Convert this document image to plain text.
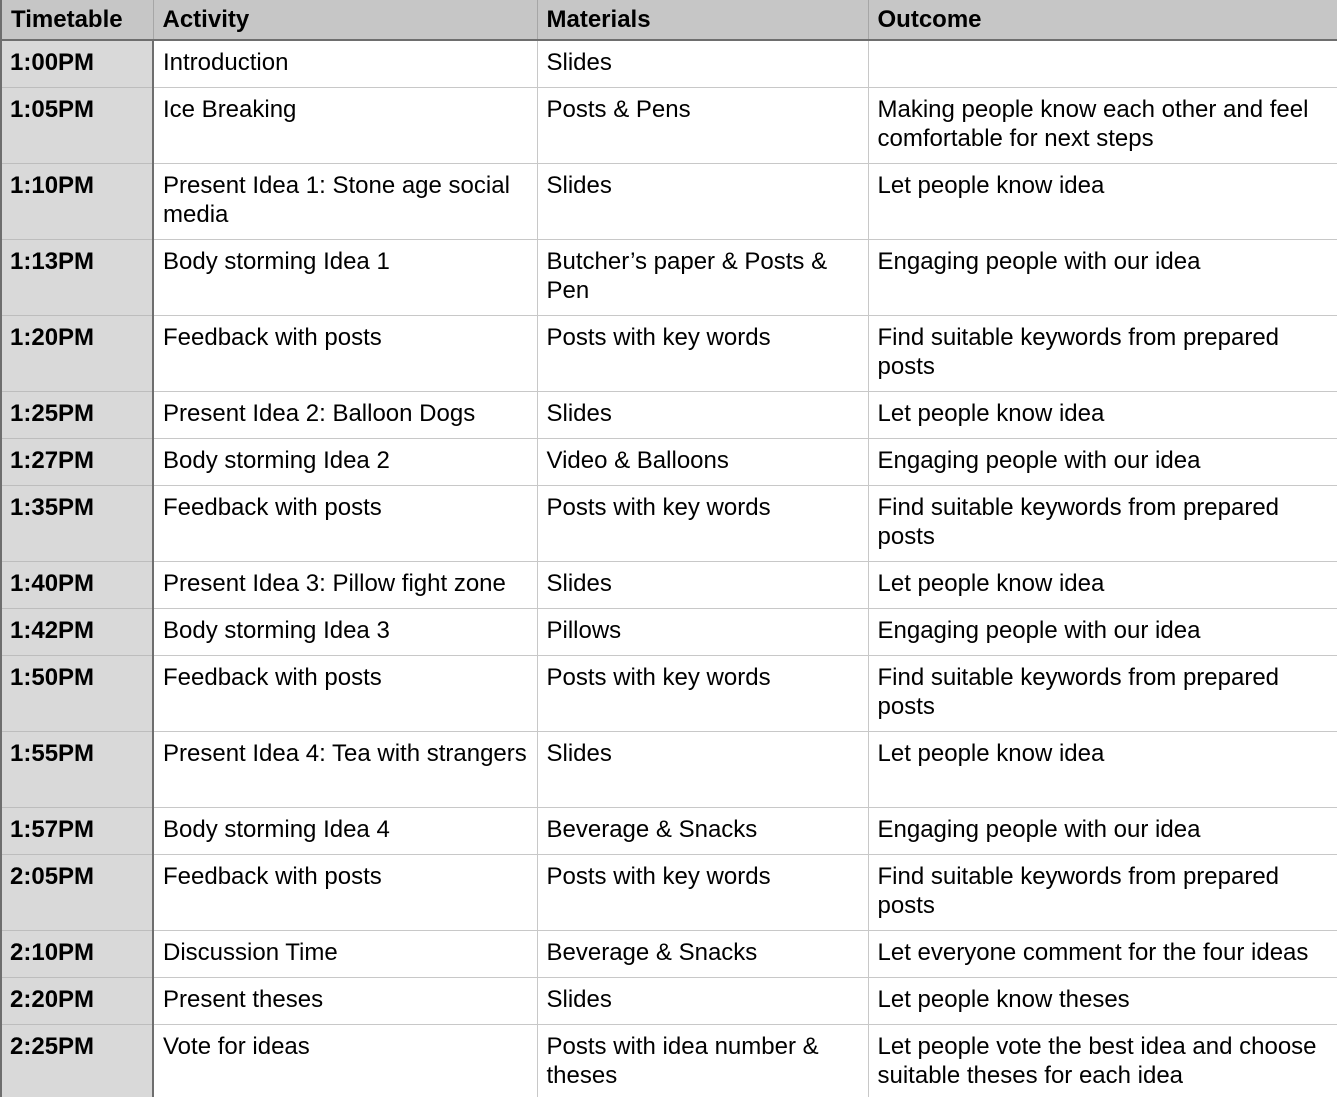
Timetable	Activity	Materials	Outcome
1:00PM	Introduction	Slides	
1:05PM	Ice Breaking	Posts & Pens	Making people know each other and feel comfortable for next steps
1:10PM	Present Idea 1: Stone age social media	Slides	Let people know idea
1:13PM	Body storming Idea 1	Butcher’s paper & Posts & Pen	Engaging people with our idea
1:20PM	Feedback with posts	Posts with key words	Find suitable keywords from prepared posts
1:25PM	Present Idea 2: Balloon Dogs	Slides	Let people know idea
1:27PM	Body storming Idea 2	Video & Balloons	Engaging people with our idea
1:35PM	Feedback with posts	Posts with key words	Find suitable keywords from prepared posts
1:40PM	Present Idea 3: Pillow fight zone	Slides	Let people know idea
1:42PM	Body storming Idea 3	Pillows	Engaging people with our idea
1:50PM	Feedback with posts	Posts with key words	Find suitable keywords from prepared posts
1:55PM	Present Idea 4: Tea with strangers	Slides	Let people know idea
1:57PM	Body storming Idea 4	Beverage & Snacks	Engaging people with our idea
2:05PM	Feedback with posts	Posts with key words	Find suitable keywords from prepared posts
2:10PM	Discussion Time	Beverage & Snacks	Let everyone comment for the four ideas
2:20PM	Present theses	Slides	Let people know theses
2:25PM	Vote for ideas	Posts with idea number & theses	Let people vote the best idea and choose suitable theses for each idea
